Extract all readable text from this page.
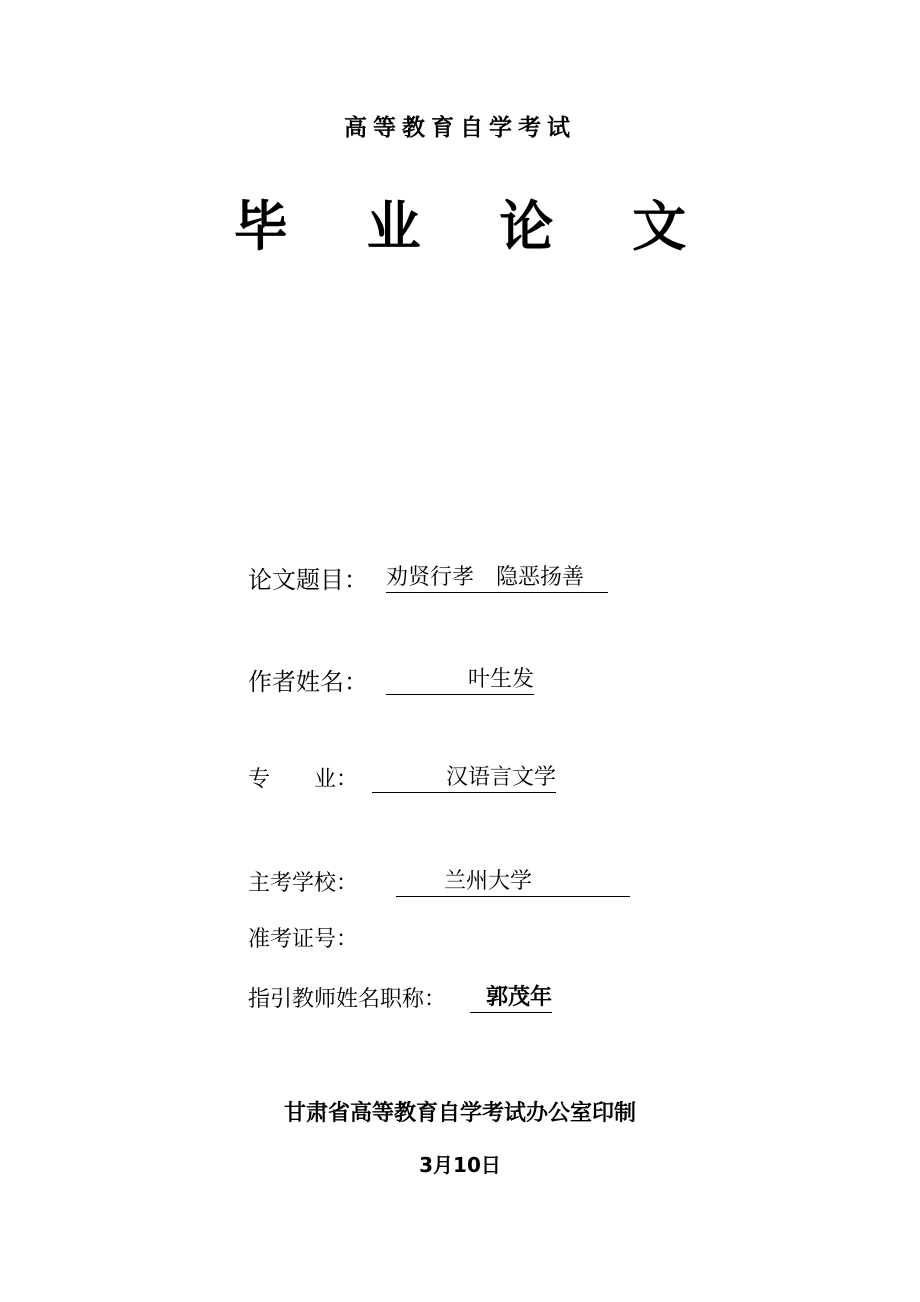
高等教育自学考试
毕 业 论 文
论文题目： 劝贤行孝　隐恶扬善
作者姓名：	叶生发
专　　业：	汉语言文学
主考学校：	兰州大学
准考证号：
指引教师姓名职称：	郭茂年
甘肃省高等教育自学考试办公室印制
3月10日
